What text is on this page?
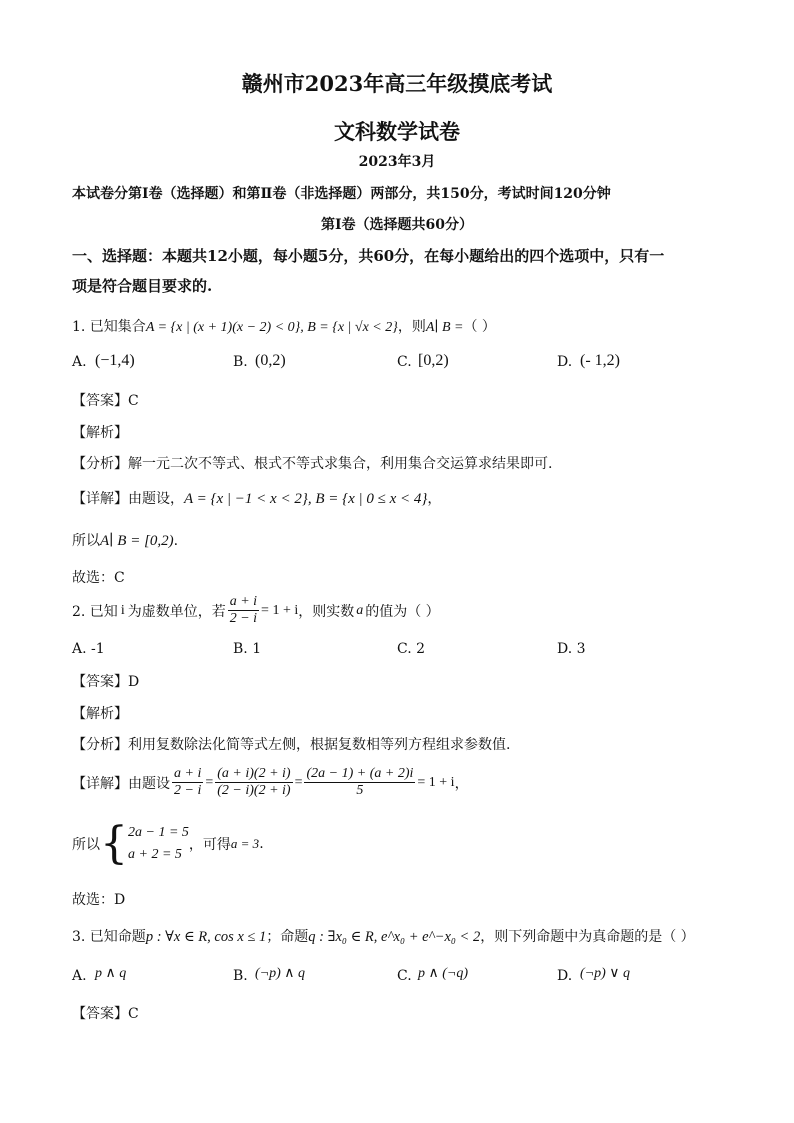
赣州市2023年高三年级摸底考试
文科数学试卷
2023年3月
本试卷分第Ⅰ卷（选择题）和第Ⅱ卷（非选择题）两部分，共150分，考试时间120分钟
第Ⅰ卷（选择题共60分）
一、选择题：本题共12小题，每小题5分，共60分，在每小题给出的四个选项中，只有一
项是符合题目要求的.
1. 已知集合A = {x | (x + 1)(x − 2) < 0}, B = {x | √x < 2}，则A∣ B =（ ）
A. (−1,4)	B. (0,2)	C. [0,2)	D. (- 1,2)
【答案】C
【解析】
【分析】解一元二次不等式、根式不等式求集合，利用集合交运算求结果即可.
【详解】由题设，A = {x | −1 < x < 2}, B = {x | 0 ≤ x < 4}，
所以A∣ B = [0,2).
故选：C
2. 已知 i 为虚数单位，若 $\frac{a + i}{2 - i} = 1 + i$ ，则实数 a 的值为（ ）
A. -1	B. 1	C. 2	D. 3
【答案】D
【解析】
【分析】利用复数除法化简等式左侧，根据复数相等列方程组求参数值.
【详解】 由题设 $\frac{a + i}{2 - i} = \frac{(a + i)(2 + i)}{(2 - i)(2 + i)} = \frac{(2a - 1) + (a + 2)i}{5} = 1 + i$ ，
所以 { 2a − 1 = 5
a + 2 = 5
，可得 a = 3 .
故选：D
3. 已知命题p : ∀x ∈ R, cos x ≤ 1；命题q : ∃x₀ ∈ R, e^x₀ + e^−x₀ < 2，则下列命题中为真命题的是（ ）
A. p ∧ q	B. (¬p) ∧ q	C. p ∧ (¬q)	D. (¬p) ∨ q
【答案】C
